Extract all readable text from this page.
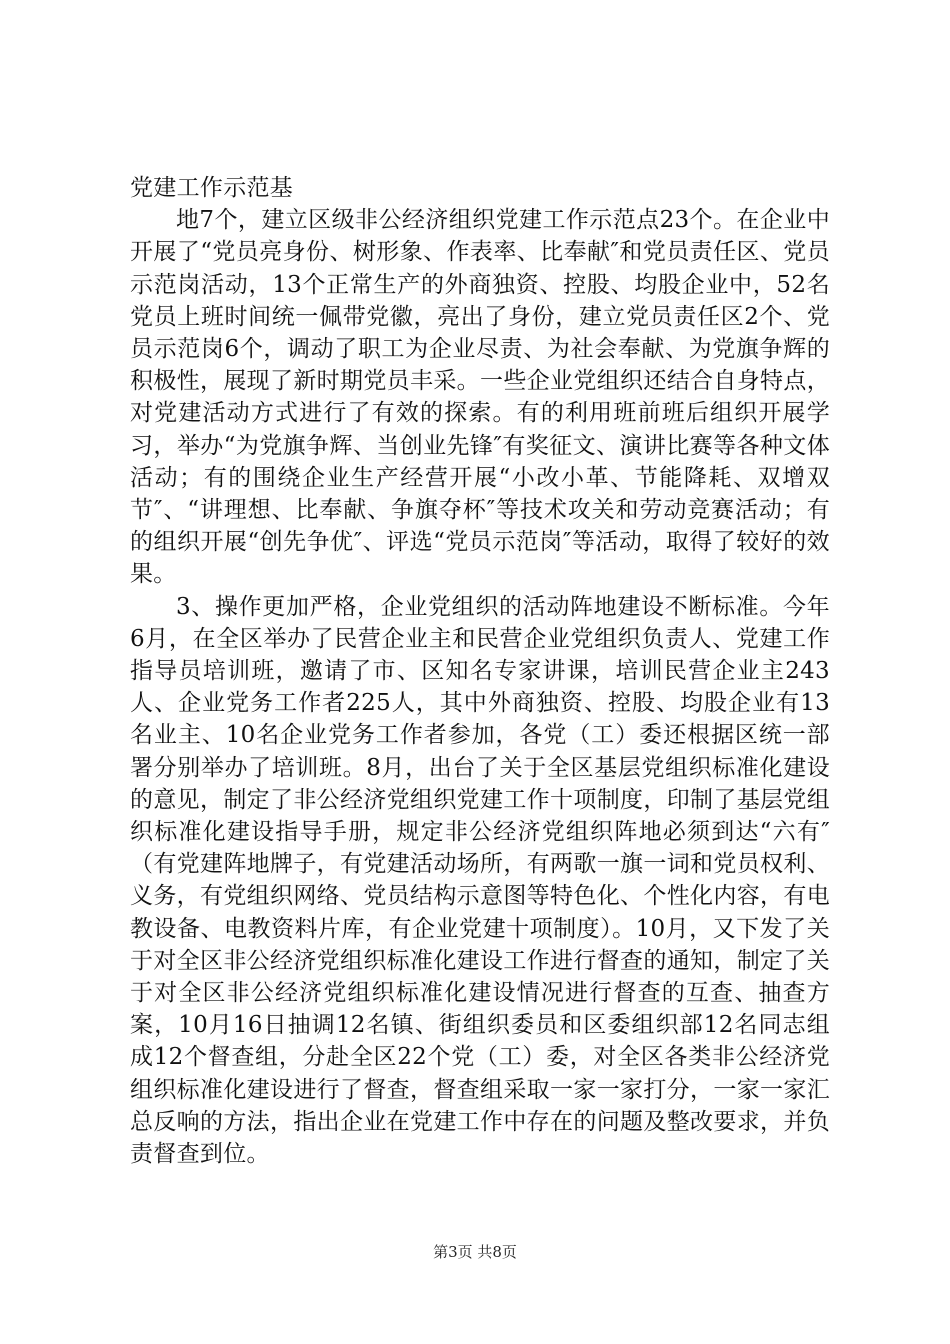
党建工作示范基

地7个，建立区级非公经济组织党建工作示范点23个。在企业中开展了“党员亮身份、树形象、作表率、比奉献″和党员责任区、党员示范岗活动，13个正常生产的外商独资、控股、均股企业中，52名党员上班时间统一佩带党徽，亮出了身份，建立党员责任区2个、党员示范岗6个，调动了职工为企业尽责、为社会奉献、为党旗争辉的积极性，展现了新时期党员丰采。一些企业党组织还结合自身特点，对党建活动方式进行了有效的探索。有的利用班前班后组织开展学习，举办“为党旗争辉、当创业先锋″有奖征文、演讲比赛等各种文体活动；有的围绕企业生产经营开展“小改小革、节能降耗、双增双节″、“讲理想、比奉献、争旗夺杯″等技术攻关和劳动竞赛活动；有的组织开展“创先争优″、评选“党员示范岗″等活动，取得了较好的效果。

3、操作更加严格，企业党组织的活动阵地建设不断标准。今年6月，在全区举办了民营企业主和民营企业党组织负责人、党建工作指导员培训班，邀请了市、区知名专家讲课，培训民营企业主243人、企业党务工作者225人，其中外商独资、控股、均股企业有13名业主、10名企业党务工作者参加，各党（工）委还根据区统一部署分别举办了培训班。8月，出台了关于全区基层党组织标准化建设的意见，制定了非公经济党组织党建工作十项制度，印制了基层党组织标准化建设指导手册，规定非公经济党组织阵地必须到达“六有″（有党建阵地牌子，有党建活动场所，有两歌一旗一词和党员权利、义务，有党组织网络、党员结构示意图等特色化、个性化内容，有电教设备、电教资料片库，有企业党建十项制度）。10月，又下发了关于对全区非公经济党组织标准化建设工作进行督查的通知，制定了关于对全区非公经济党组织标准化建设情况进行督查的互查、抽查方案，10月16日抽调12名镇、街组织委员和区委组织部12名同志组成12个督查组，分赴全区22个党（工）委，对全区各类非公经济党组织标准化建设进行了督查，督查组采取一家一家打分，一家一家汇总反响的方法，指出企业在党建工作中存在的问题及整改要求，并负责督查到位。

第3页 共8页
